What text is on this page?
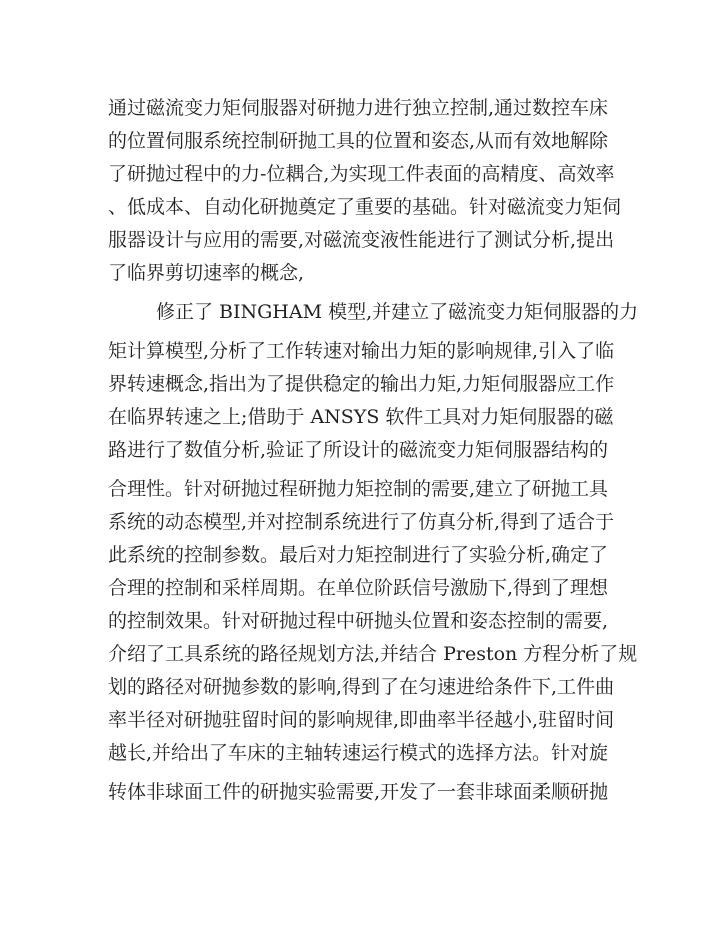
通过磁流变力矩伺服器对研抛力进行独立控制,通过数控车床
的位置伺服系统控制研抛工具的位置和姿态,从而有效地解除
了研抛过程中的力-位耦合,为实现工件表面的高精度、高效率
、低成本、自动化研抛奠定了重要的基础。针对磁流变力矩伺
服器设计与应用的需要,对磁流变液性能进行了测试分析,提出
了临界剪切速率的概念,
修正了 BINGHAM 模型,并建立了磁流变力矩伺服器的力
矩计算模型,分析了工作转速对输出力矩的影响规律,引入了临
界转速概念,指出为了提供稳定的输出力矩,力矩伺服器应工作
在临界转速之上;借助于 ANSYS 软件工具对力矩伺服器的磁
路进行了数值分析,验证了所设计的磁流变力矩伺服器结构的
合理性。针对研抛过程研抛力矩控制的需要,建立了研抛工具
系统的动态模型,并对控制系统进行了仿真分析,得到了适合于
此系统的控制参数。最后对力矩控制进行了实验分析,确定了
合理的控制和采样周期。在单位阶跃信号激励下,得到了理想
的控制效果。针对研抛过程中研抛头位置和姿态控制的需要,
介绍了工具系统的路径规划方法,并结合 Preston 方程分析了规
划的路径对研抛参数的影响,得到了在匀速进给条件下,工件曲
率半径对研抛驻留时间的影响规律,即曲率半径越小,驻留时间
越长,并给出了车床的主轴转速运行模式的选择方法。针对旋
转体非球面工件的研抛实验需要,开发了一套非球面柔顺研抛
